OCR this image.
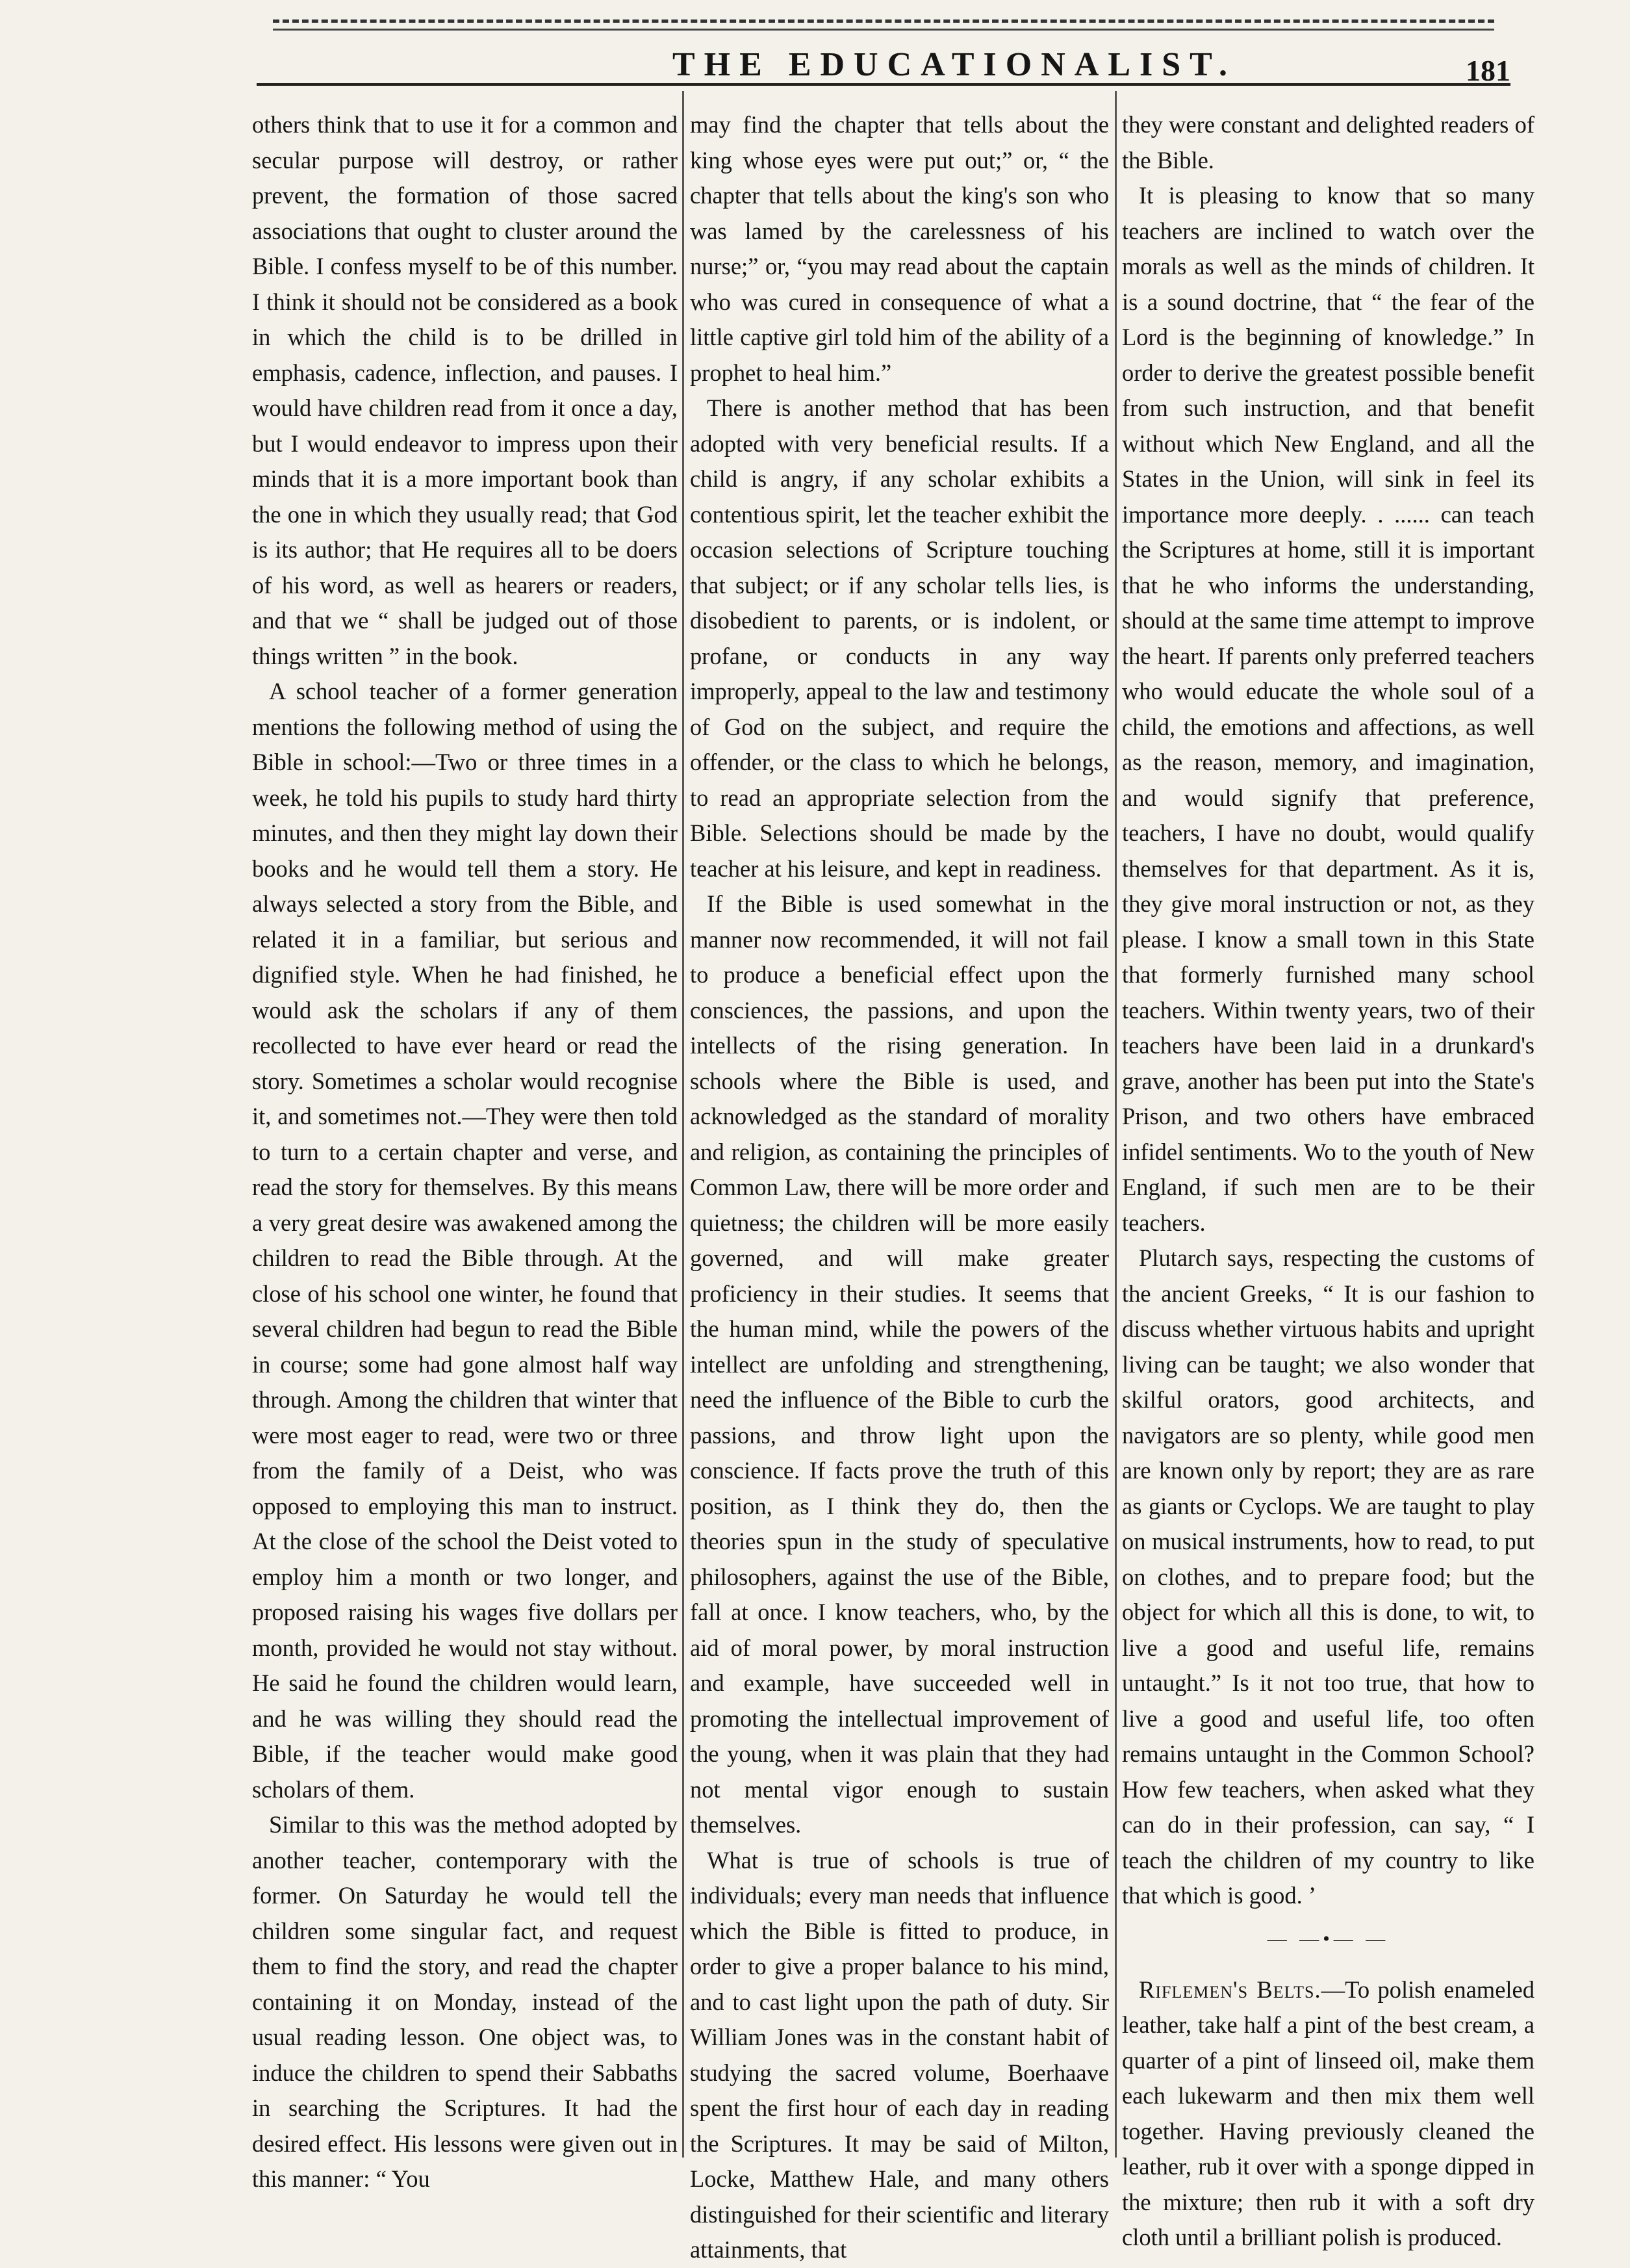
THE EDUCATIONALIST.	181

others think that to use it for a common and secular purpose will destroy, or rather prevent, the formation of those sacred associations that ought to cluster around the Bible. I confess myself to be of this number. I think it should not be considered as a book in which the child is to be drilled in emphasis, cadence, inflection, and pauses. I would have children read from it once a day, but I would endeavor to impress upon their minds that it is a more important book than the one in which they usually read; that God is its author; that He requires all to be doers of his word, as well as hearers or readers, and that we “ shall be judged out of those things written ” in the book.

A school teacher of a former generation mentions the following method of using the Bible in school:—Two or three times in a week, he told his pupils to study hard thirty minutes, and then they might lay down their books and he would tell them a story. He always selected a story from the Bible, and related it in a familiar, but serious and dignified style. When he had finished, he would ask the scholars if any of them recollected to have ever heard or read the story. Sometimes a scholar would recognise it, and sometimes not.—They were then told to turn to a certain chapter and verse, and read the story for themselves. By this means a very great desire was awakened among the children to read the Bible through. At the close of his school one winter, he found that several children had begun to read the Bible in course; some had gone almost half way through. Among the children that winter that were most eager to read, were two or three from the family of a Deist, who was opposed to employing this man to instruct. At the close of the school the Deist voted to employ him a month or two longer, and proposed raising his wages five dollars per month, provided he would not stay without. He said he found the children would learn, and he was willing they should read the Bible, if the teacher would make good scholars of them.

Similar to this was the method adopted by another teacher, contemporary with the former. On Saturday he would tell the children some singular fact, and request them to find the story, and read the chapter containing it on Monday, instead of the usual reading lesson. One object was, to induce the children to spend their Sabbaths in searching the Scriptures. It had the desired effect. His lessons were given out in this manner: “ You

may find the chapter that tells about the king whose eyes were put out;” or, “ the chapter that tells about the king's son who was lamed by the carelessness of his nurse;” or, “you may read about the captain who was cured in consequence of what a little captive girl told him of the ability of a prophet to heal him.”

There is another method that has been adopted with very beneficial results. If a child is angry, if any scholar exhibits a contentious spirit, let the teacher exhibit the occasion selections of Scripture touching that subject; or if any scholar tells lies, is disobedient to parents, or is indolent, or profane, or conducts in any way improperly, appeal to the law and testimony of God on the subject, and require the offender, or the class to which he belongs, to read an appropriate selection from the Bible. Selections should be made by the teacher at his leisure, and kept in readiness.

If the Bible is used somewhat in the manner now recommended, it will not fail to produce a beneficial effect upon the consciences, the passions, and upon the intellects of the rising generation. In schools where the Bible is used, and acknowledged as the standard of morality and religion, as containing the principles of Common Law, there will be more order and quietness; the children will be more easily governed, and will make greater proficiency in their studies. It seems that the human mind, while the powers of the intellect are unfolding and strengthening, need the influence of the Bible to curb the passions, and throw light upon the conscience. If facts prove the truth of this position, as I think they do, then the theories spun in the study of speculative philosophers, against the use of the Bible, fall at once. I know teachers, who, by the aid of moral power, by moral instruction and example, have succeeded well in promoting the intellectual improvement of the young, when it was plain that they had not mental vigor enough to sustain themselves.

What is true of schools is true of individuals; every man needs that influence which the Bible is fitted to produce, in order to give a proper balance to his mind, and to cast light upon the path of duty. Sir William Jones was in the constant habit of studying the sacred volume, Boerhaave spent the first hour of each day in reading the Scriptures. It may be said of Milton, Locke, Matthew Hale, and many others distinguished for their scientific and literary attainments, that

they were constant and delighted readers of the Bible.

It is pleasing to know that so many teachers are inclined to watch over the morals as well as the minds of children. It is a sound doctrine, that “ the fear of the Lord is the beginning of knowledge.” In order to derive the greatest possible benefit from such instruction, and that benefit without which New England, and all the States in the Union, will sink in feel its importance more deeply. . ...... can teach the Scriptures at home, still it is important that he who informs the understanding, should at the same time attempt to improve the heart. If parents only preferred teachers who would educate the whole soul of a child, the emotions and affections, as well as the reason, memory, and imagination, and would signify that preference, teachers, I have no doubt, would qualify themselves for that department. As it is, they give moral instruction or not, as they please. I know a small town in this State that formerly furnished many school teachers. Within twenty years, two of their teachers have been laid in a drunkard's grave, another has been put into the State's Prison, and two others have embraced infidel sentiments. Wo to the youth of New England, if such men are to be their teachers.

Plutarch says, respecting the customs of the ancient Greeks, “ It is our fashion to discuss whether virtuous habits and upright living can be taught; we also wonder that skilful orators, good architects, and navigators are so plenty, while good men are known only by report; they are as rare as giants or Cyclops. We are taught to play on musical instruments, how to read, to put on clothes, and to prepare food; but the object for which all this is done, to wit, to live a good and useful life, remains untaught.” Is it not too true, that how to live a good and useful life, too often remains untaught in the Common School? How few teachers, when asked what they can do in their profession, can say, “ I teach the children of my country to like that which is good. ’

— —•— —

Riflemen's Belts.—To polish enameled leather, take half a pint of the best cream, a quarter of a pint of linseed oil, make them each lukewarm and then mix them well together. Having previously cleaned the leather, rub it over with a sponge dipped in the mixture; then rub it with a soft dry cloth until a brilliant polish is produced.
